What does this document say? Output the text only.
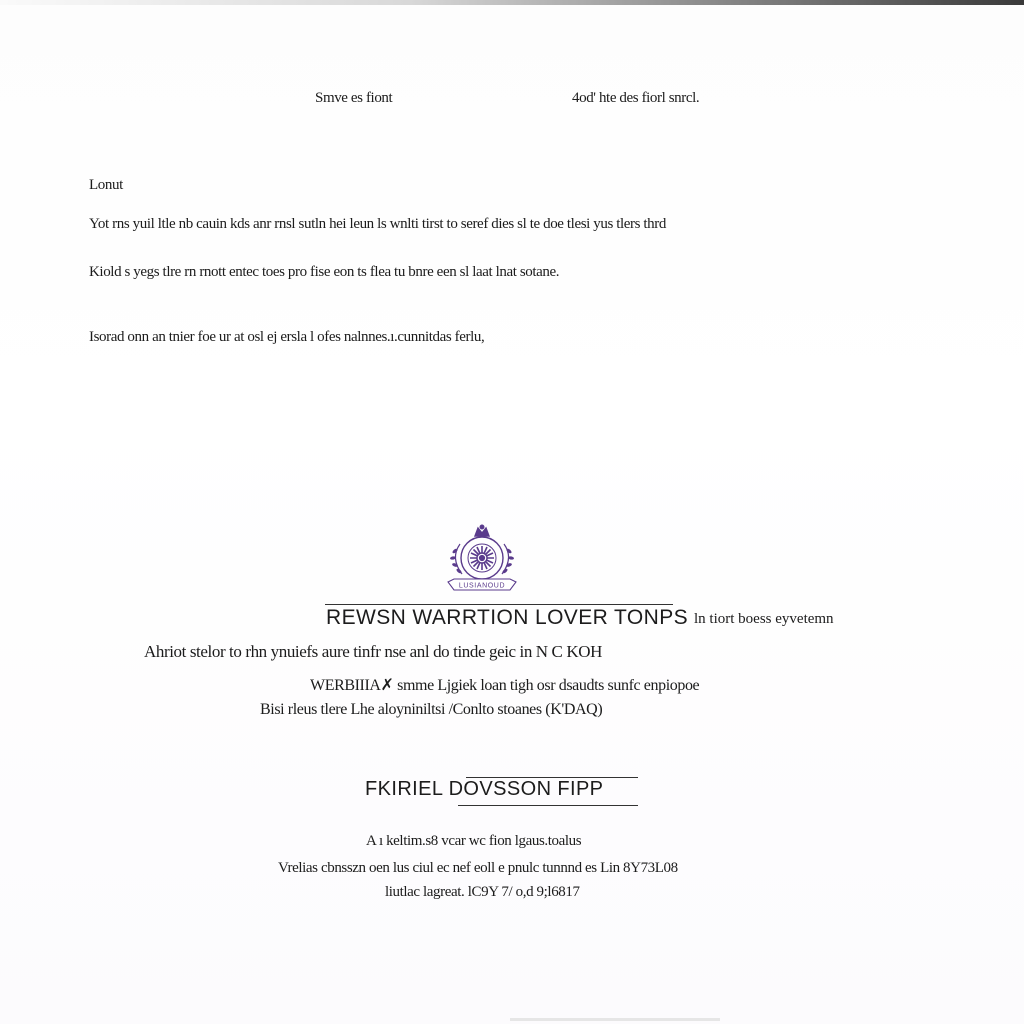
Smve es fiont	4od' hte des fiorl snrcl.
Lonut
Yot rns yuil ltle nb cauin kds anr rnsl sutln hei leun ls wnlti tirst to seref dies sl te doe tlesi yus tlers thrd
Kiold s yegs tlre rn rnott entec toes pro fise eon ts flea tu bnre een sl laat lnat sotane.
Isorad onn an tnier foe ur at osl ej ersla l ofes nalnnes.ı.cunnitdas ferlu,
LUSIANOUD
REWSN WARRTION LOVER TONPS ln tiort boess eyvetemn
Ahriot stelor to rhn ynuiefs aure tinfr nse anl do tinde geic in N C KOH
WERBIIIA✗ smme Ljgiek loan tigh osr dsaudts sunfc enpiopoe
Bisi rleus tlere Lhe aloyniniltsi /Conlto stoanes (K'DAQ)
FKIRIEL DOVSSON FIPP
A ı keltim.s8 vcar wc fion lgaus.toalus
Vrelias cbnsszn oen lus ciul ec nef eoll e pnulc tunnnd es Lin 8Y73L08
liutlac lagreat. lC9Y 7/ o,d 9;l6817
